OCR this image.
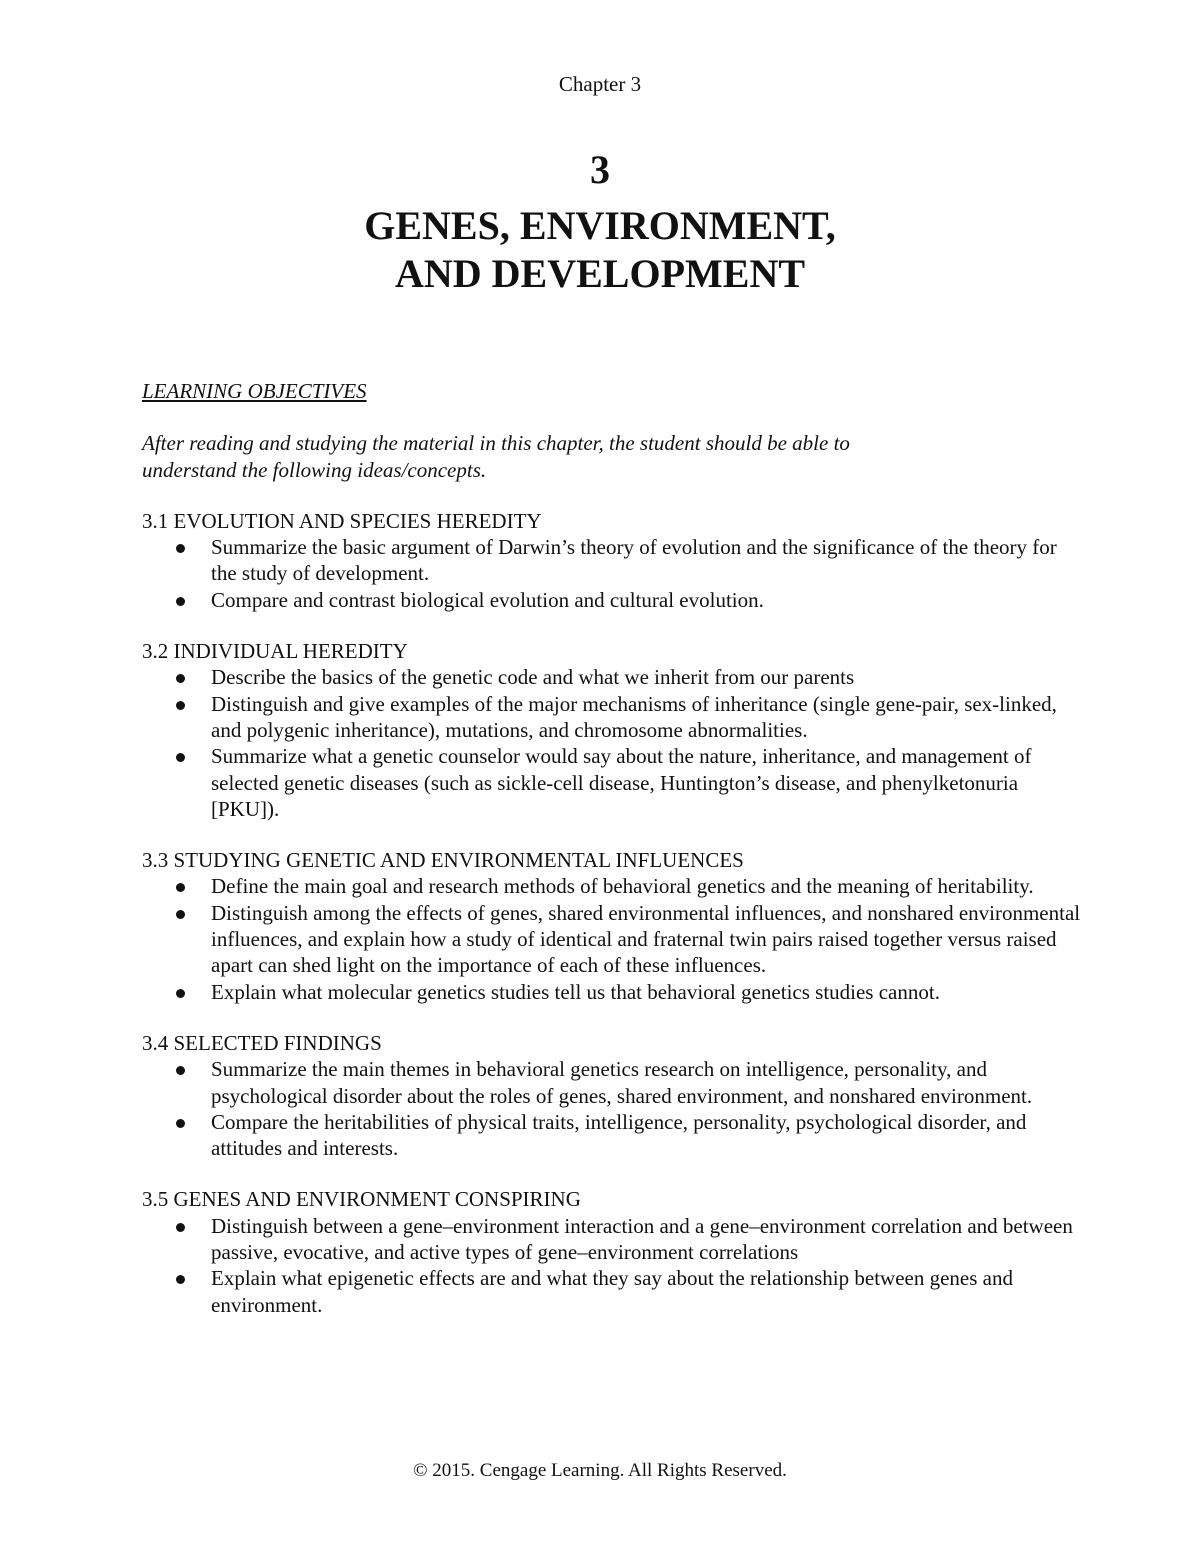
Chapter 3
3
GENES, ENVIRONMENT,
AND DEVELOPMENT

LEARNING OBJECTIVES

After reading and studying the material in this chapter, the student should be able to
understand the following ideas/concepts.

3.1 EVOLUTION AND SPECIES HEREDITY

Summarize the basic argument of Darwin’s theory of evolution and the significance of the theory for the study of development.
Compare and contrast biological evolution and cultural evolution.

3.2 INDIVIDUAL HEREDITY

Describe the basics of the genetic code and what we inherit from our parents
Distinguish and give examples of the major mechanisms of inheritance (single gene-pair, sex-linked, and polygenic inheritance), mutations, and chromosome abnormalities.
Summarize what a genetic counselor would say about the nature, inheritance, and management of selected genetic diseases (such as sickle-cell disease, Huntington’s disease, and phenylketonuria [PKU]).

3.3 STUDYING GENETIC AND ENVIRONMENTAL INFLUENCES

Define the main goal and research methods of behavioral genetics and the meaning of heritability.
Distinguish among the effects of genes, shared environmental influences, and nonshared environmental influences, and explain how a study of identical and fraternal twin pairs raised together versus raised apart can shed light on the importance of each of these influences.
Explain what molecular genetics studies tell us that behavioral genetics studies cannot.

3.4 SELECTED FINDINGS

Summarize the main themes in behavioral genetics research on intelligence, personality, and psychological disorder about the roles of genes, shared environment, and nonshared environment.
Compare the heritabilities of physical traits, intelligence, personality, psychological disorder, and attitudes and interests.

3.5 GENES AND ENVIRONMENT CONSPIRING

Distinguish between a gene–environment interaction and a gene–environment correlation and between passive, evocative, and active types of gene–environment correlations
Explain what epigenetic effects are and what they say about the relationship between genes and environment.
© 2015. Cengage Learning. All Rights Reserved.
